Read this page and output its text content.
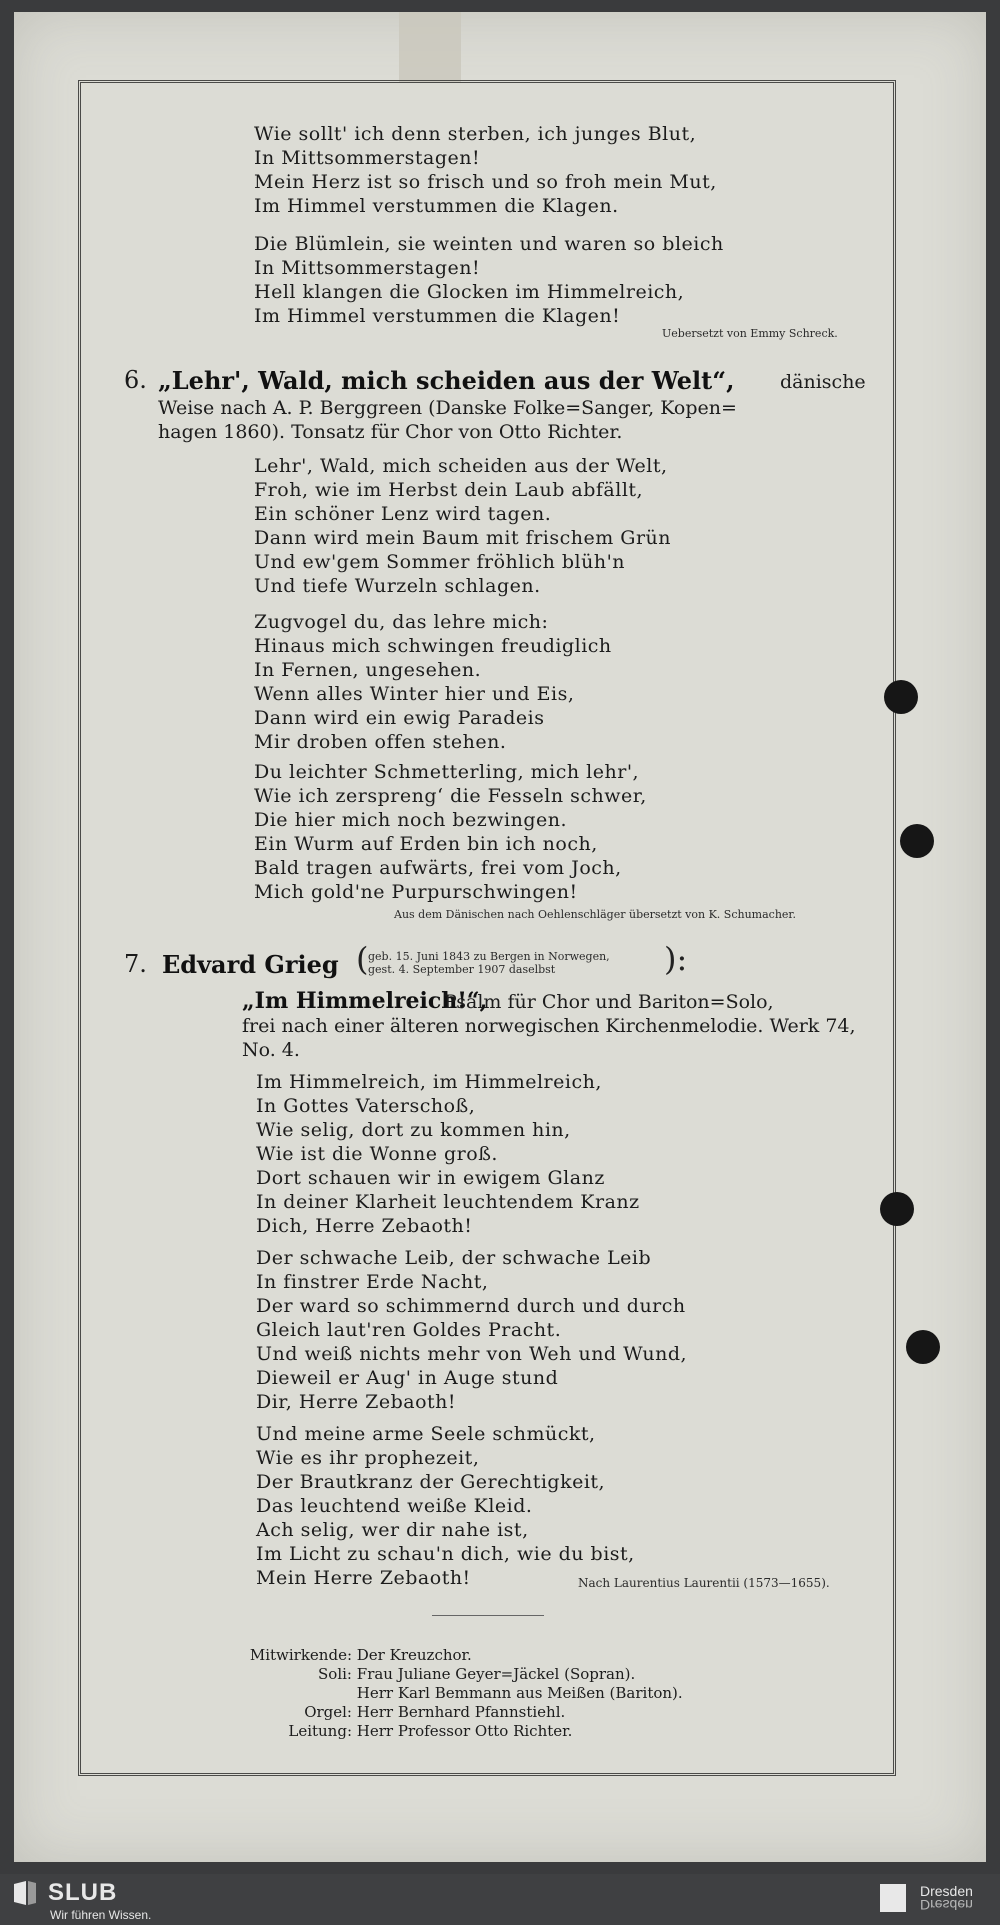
Wie sollt' ich denn sterben, ich junges Blut,
In Mittsommerstagen!
Mein Herz ist so frisch und so froh mein Mut,
Im Himmel verstummen die Klagen.
Die Blümlein, sie weinten und waren so bleich
In Mittsommerstagen!
Hell klangen die Glocken im Himmelreich,
Im Himmel verstummen die Klagen!
Uebersetzt von Emmy Schreck.
6. „Lehr', Wald, mich scheiden aus der Welt“, dänische
Weise nach A. P. Berggreen (Danske Folke=Sanger, Kopen=
hagen 1860). Tonsatz für Chor von Otto Richter.
Lehr', Wald, mich scheiden aus der Welt,
Froh, wie im Herbst dein Laub abfällt,
Ein schöner Lenz wird tagen.
Dann wird mein Baum mit frischem Grün
Und ew'gem Sommer fröhlich blüh'n
Und tiefe Wurzeln schlagen.
Zugvogel du, das lehre mich:
Hinaus mich schwingen freudiglich
In Fernen, ungesehen.
Wenn alles Winter hier und Eis,
Dann wird ein ewig Paradeis
Mir droben offen stehen.
Du leichter Schmetterling, mich lehr',
Wie ich zersprengʻ die Fesseln schwer,
Die hier mich noch bezwingen.
Ein Wurm auf Erden bin ich noch,
Bald tragen aufwärts, frei vom Joch,
Mich gold'ne Purpurschwingen!
Aus dem Dänischen nach Oehlenschläger übersetzt von K. Schumacher.
7. Edvard Grieg ( geb. 15. Juni 1843 zu Bergen in Norwegen,
gest. 4. September 1907 daselbst	):
„Im Himmelreich!“,
Psalm für Chor und Bariton=Solo,
frei nach einer älteren norwegischen Kirchenmelodie. Werk 74,
No. 4.
Im Himmelreich, im Himmelreich,
In Gottes Vaterschoß,
Wie selig, dort zu kommen hin,
Wie ist die Wonne groß.
Dort schauen wir in ewigem Glanz
In deiner Klarheit leuchtendem Kranz
Dich, Herre Zebaoth!
Der schwache Leib, der schwache Leib
In finstrer Erde Nacht,
Der ward so schimmernd durch und durch
Gleich laut'ren Goldes Pracht.
Und weiß nichts mehr von Weh und Wund,
Dieweil er Aug' in Auge stund
Dir, Herre Zebaoth!
Und meine arme Seele schmückt,
Wie es ihr prophezeit,
Der Brautkranz der Gerechtigkeit,
Das leuchtend weiße Kleid.
Ach selig, wer dir nahe ist,
Im Licht zu schau'n dich, wie du bist,
Mein Herre Zebaoth!	Nach Laurentius Laurentii (1573—1655).
Mitwirkende: Der Kreuzchor.
Soli: Frau Juliane Geyer=Jäckel (Sopran).
Herr Karl Bemmann aus Meißen (Bariton).
Orgel: Herr Bernhard Pfannstiehl.
Leitung: Herr Professor Otto Richter.
SLUB
Wir führen Wissen.
Dresden
Dresden
